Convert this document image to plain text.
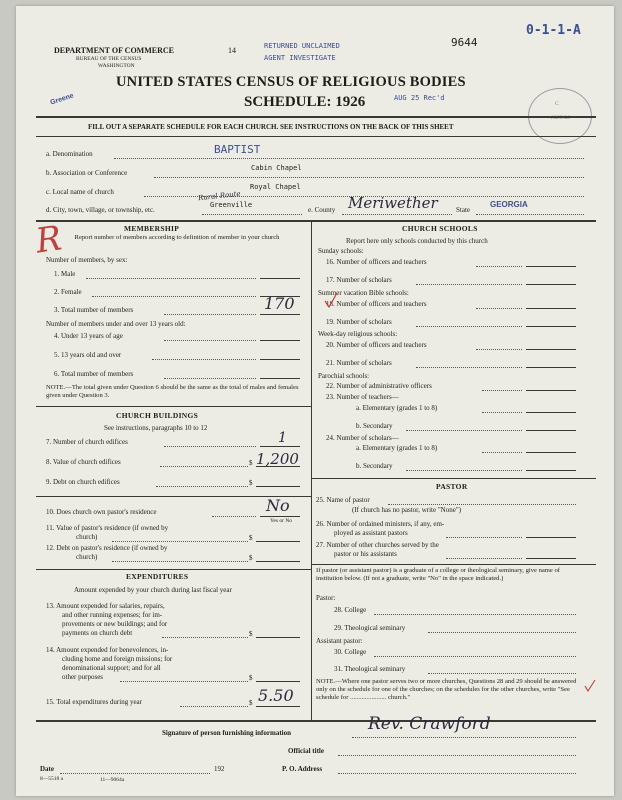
DEPARTMENT OF COMMERCE
BUREAU OF THE CENSUS
WASHINGTON
14	RETURNED UNCLAIMED
AGENT INVESTIGATE
9644
0-1-1-A
UNITED STATES CENSUS OF RELIGIOUS BODIES
SCHEDULE: 1926	AUG 25 Rec'd
Greene	C
AUG 26
FILL OUT A SEPARATE SCHEDULE FOR EACH CHURCH. SEE INSTRUCTIONS ON THE BACK OF THIS SHEET
a. Denomination	BAPTIST
b. Association or Conference
Cabin Chapel
c. Local name of church
Royal Chapel
d. City, town, village, or township, etc.
Greenville
Rural Route
e. County Meriwether	State
GEORGIA
R	MEMBERSHIP
Report number of members according to definition of member in your church
Number of members, by sex:
1. Male
2. Female
3. Total number of members	170
Number of members under and over 13 years old:
4. Under 13 years of age
5. 13 years old and over
6. Total number of members
NOTE.—The total given under Question 6 should be the same as the total of males and females given under Question 3.
CHURCH BUILDINGS
See instructions, paragraphs 10 to 12
7. Number of church edifices	1
8. Value of church edifices	$ 1,200
9. Debt on church edifices	$
10. Does church own pastor's residence	No
Yes or No
11. Value of pastor's residence (if owned by
church)	$
12. Debt on pastor's residence (if owned by
church)	$
EXPENDITURES
Amount expended by your church during last fiscal year
13. Amount expended for salaries, repairs,
and other running expenses; for im-
provements or new buildings; and for
payments on church debt	$
14. Amount expended for benevolences, in-
cluding home and foreign missions; for
denominational support; and for all
other purposes	$
15. Total expenditures during year	$ 5.50
CHURCH SCHOOLS
Report here only schools conducted by this church
Sunday schools:
16. Number of officers and teachers
17. Number of scholars
Summer vacation Bible schools:
18. Number of officers and teachers
19. Number of scholars
Week-day religious schools:
20. Number of officers and teachers
21. Number of scholars
Parochial schools:
22. Number of administrative officers
23. Number of teachers—
a. Elementary (grades 1 to 8)
b. Secondary
24. Number of scholars—
a. Elementary (grades 1 to 8)
b. Secondary
PASTOR
25. Name of pastor
(If church has no pastor, write "None")
26. Number of ordained ministers, if any, em-
ployed as assistant pastors
27. Number of other churches served by the
pastor or his assistants
If pastor (or assistant pastor) is a graduate of a college or theological seminary, give name of institution below. (If not a graduate, write "No" in the space indicated.)
Pastor:
28. College
29. Theological seminary
Assistant pastor:
30. College
31. Theological seminary
NOTE.—Where one pastor serves two or more churches, Questions 28 and 29 should be answered only on the schedule for one of the churches; on the schedules for the other churches, write "See schedule for ...................... church."
Signature of person furnishing information	Rev. Crawford
Official title
Date	192	P. O. Address
8—5518 a	11—9064a
